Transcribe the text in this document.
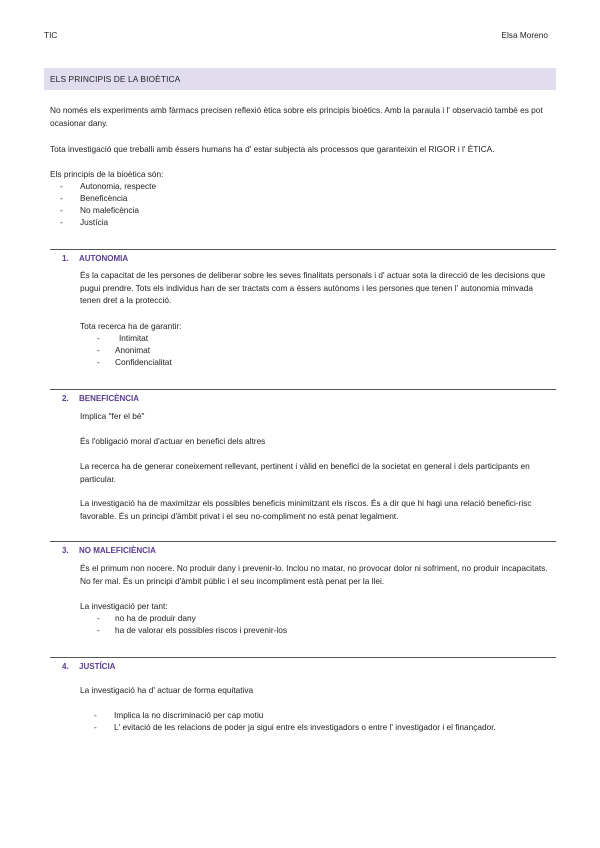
TIC	Elsa Moreno
ELS PRINCIPIS DE LA BIOÈTICA

No només els experiments amb fàrmacs precisen reflexió ètica sobre els principis bioètics. Amb la paraula i l' observació també es pot ocasionar dany.

Tota investigació que treballi amb éssers humans ha d' estar subjecta als processos que garanteixin el RIGOR i l' ÈTICA.

Els principis de la bioètica són:

- Autonomia, respecte
- Beneficència
- No maleficència
- Justícia
1. AUTONOMIA

És la capacitat de les persones de deliberar sobre les seves finalitats personals i d' actuar sota la direcció de les decisions que pugui prendre. Tots els individus han de ser tractats com a éssers autònoms i les persones que tenen l' autonomia minvada tenen dret a la protecció.

Tota recerca ha de garantir:

- Intimitat
- Anonimat
- Confidencialitat
2. BENEFICÈNCIA

Implica "fer el bé"

És l'obligació moral d'actuar en benefici dels altres

La recerca ha de generar coneixement rellevant, pertinent i vàlid en benefici de la societat en general i dels participants en particular.

La investigació ha de maximitzar els possibles beneficis minimitzant els riscos. És a dir que hi hagi una relació benefici-risc favorable. És un principi d'àmbit privat i el seu no-compliment no està penat legalment.

3. NO MALEFICIÈNCIA

És el primum non nocere. No produir dany i prevenir-lo. Inclou no matar, no provocar dolor ni sofriment, no produir incapacitats. No fer mal. És un principi d'àmbit públic i el seu incompliment està penat per la llei.

La investigació per tant:

- no ha de produir dany
- ha de valorar els possibles riscos i prevenir-los
4. JUSTÍCIA

La investigació ha d' actuar de forma equitativa

- Implica la no discriminació per cap motiu
- L' evitació de les relacions de poder ja sigui entre els investigadors o entre l' investigador i el finançador.
